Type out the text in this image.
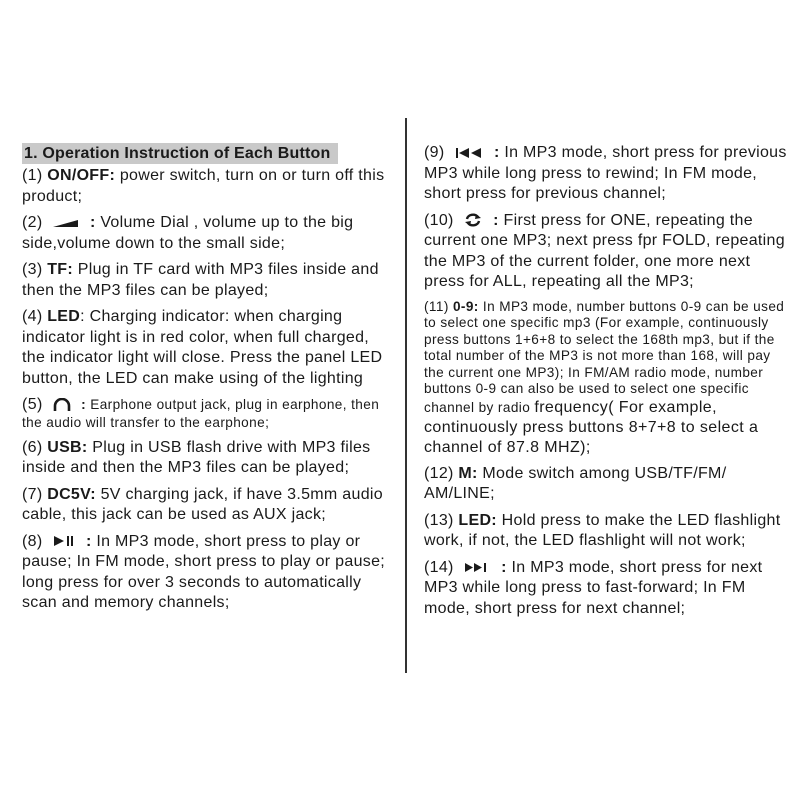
1. Operation Instruction of Each Button
(1) ON/OFF: power switch, turn on or turn off this product;
(2)	: Volume Dial , volume up to the big side,volume down to the small side;
(3) TF: Plug in TF card with MP3 files inside and then the MP3 files can be played;
(4) LED: Charging indicator: when charging indicator light is in red color, when full charged, the indicator light will close. Press the panel LED button, the LED can make using of the lighting
(5)	: Earphone output jack, plug in earphone, then the audio will transfer to the earphone;
(6) USB: Plug in USB flash drive with MP3 files inside and then the MP3 files can be played;
(7) DC5V: 5V charging jack, if have 3.5mm audio cable, this jack can be used as AUX jack;
(8)
: In MP3 mode, short press to play or pause; In FM mode, short press to play or pause; long press for over 3 seconds to automatically scan and memory channels;
(9)	: In MP3 mode, short press for previous MP3 while long press to rewind; In FM mode, short press for previous channel;
(10)
: First press for ONE, repeating the current one MP3; next press fpr FOLD, repeating the MP3 of the current folder, one more next press for ALL, repeating all the MP3;
(11) 0-9: In MP3 mode, number buttons 0-9 can be used to select one specific mp3 (For example, continuously press buttons 1+6+8 to select the 168th mp3, but if the total number of the MP3 is not more than 168, will pay the current one MP3); In FM/AM radio mode, number buttons 0-9 can also be used to select one specific channel by radio frequency( For example, continuously press buttons 8+7+8 to select a channel of 87.8 MHZ);
(12) M: Mode switch among USB/TF/FM/ AM/LINE;
(13) LED: Hold press to make the LED flashlight work, if not, the LED flashlight will not work;
(14)	: In MP3 mode, short press for next MP3 while long press to fast-forward; In FM mode, short press for next channel;
